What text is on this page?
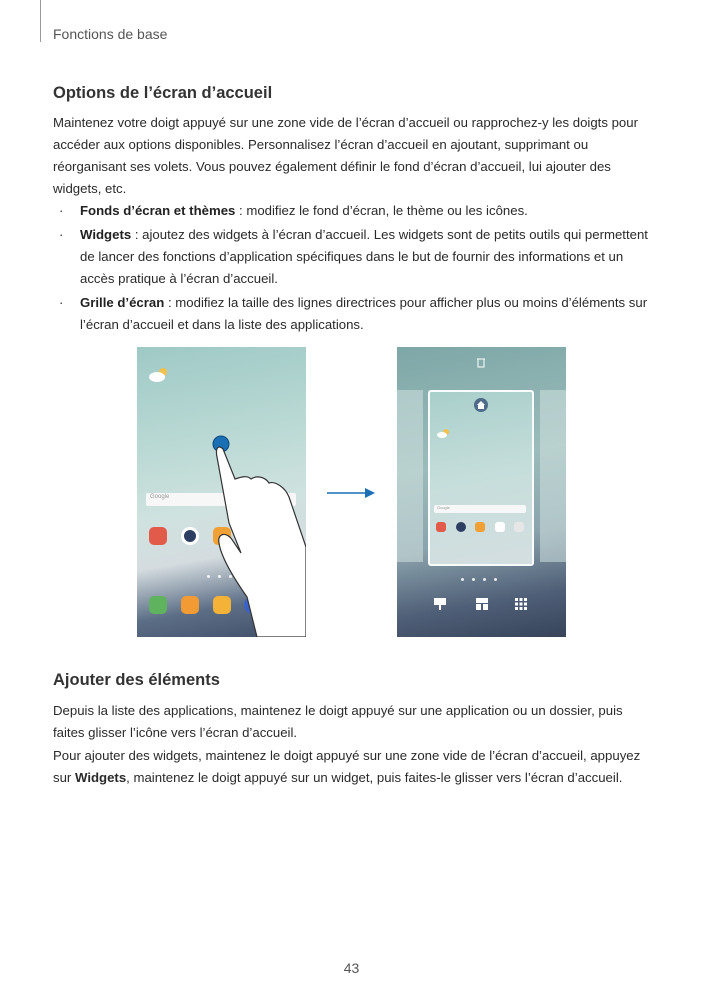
Fonctions de base
Options de l’écran d’accueil

Maintenez votre doigt appuyé sur une zone vide de l’écran d’accueil ou rapprochez-y les doigts pour accéder aux options disponibles. Personnalisez l’écran d’accueil en ajoutant, supprimant ou réorganisant ses volets. Vous pouvez également définir le fond d’écran d’accueil, lui ajouter des widgets, etc.

· Fonds d’écran et thèmes : modifiez le fond d’écran, le thème ou les icônes.
· Widgets : ajoutez des widgets à l’écran d’accueil. Les widgets sont de petits outils qui permettent de lancer des fonctions d’application spécifiques dans le but de fournir des informations et un accès pratique à l’écran d’accueil.
· Grille d’écran : modifiez la taille des lignes directrices pour afficher plus ou moins d’éléments sur l’écran d’accueil et dans la liste des applications.
Google
Google
Ajouter des éléments

Depuis la liste des applications, maintenez le doigt appuyé sur une application ou un dossier, puis faites glisser l’icône vers l’écran d’accueil.

Pour ajouter des widgets, maintenez le doigt appuyé sur une zone vide de l’écran d’accueil, appuyez sur Widgets, maintenez le doigt appuyé sur un widget, puis faites-le glisser vers l’écran d’accueil.

43
